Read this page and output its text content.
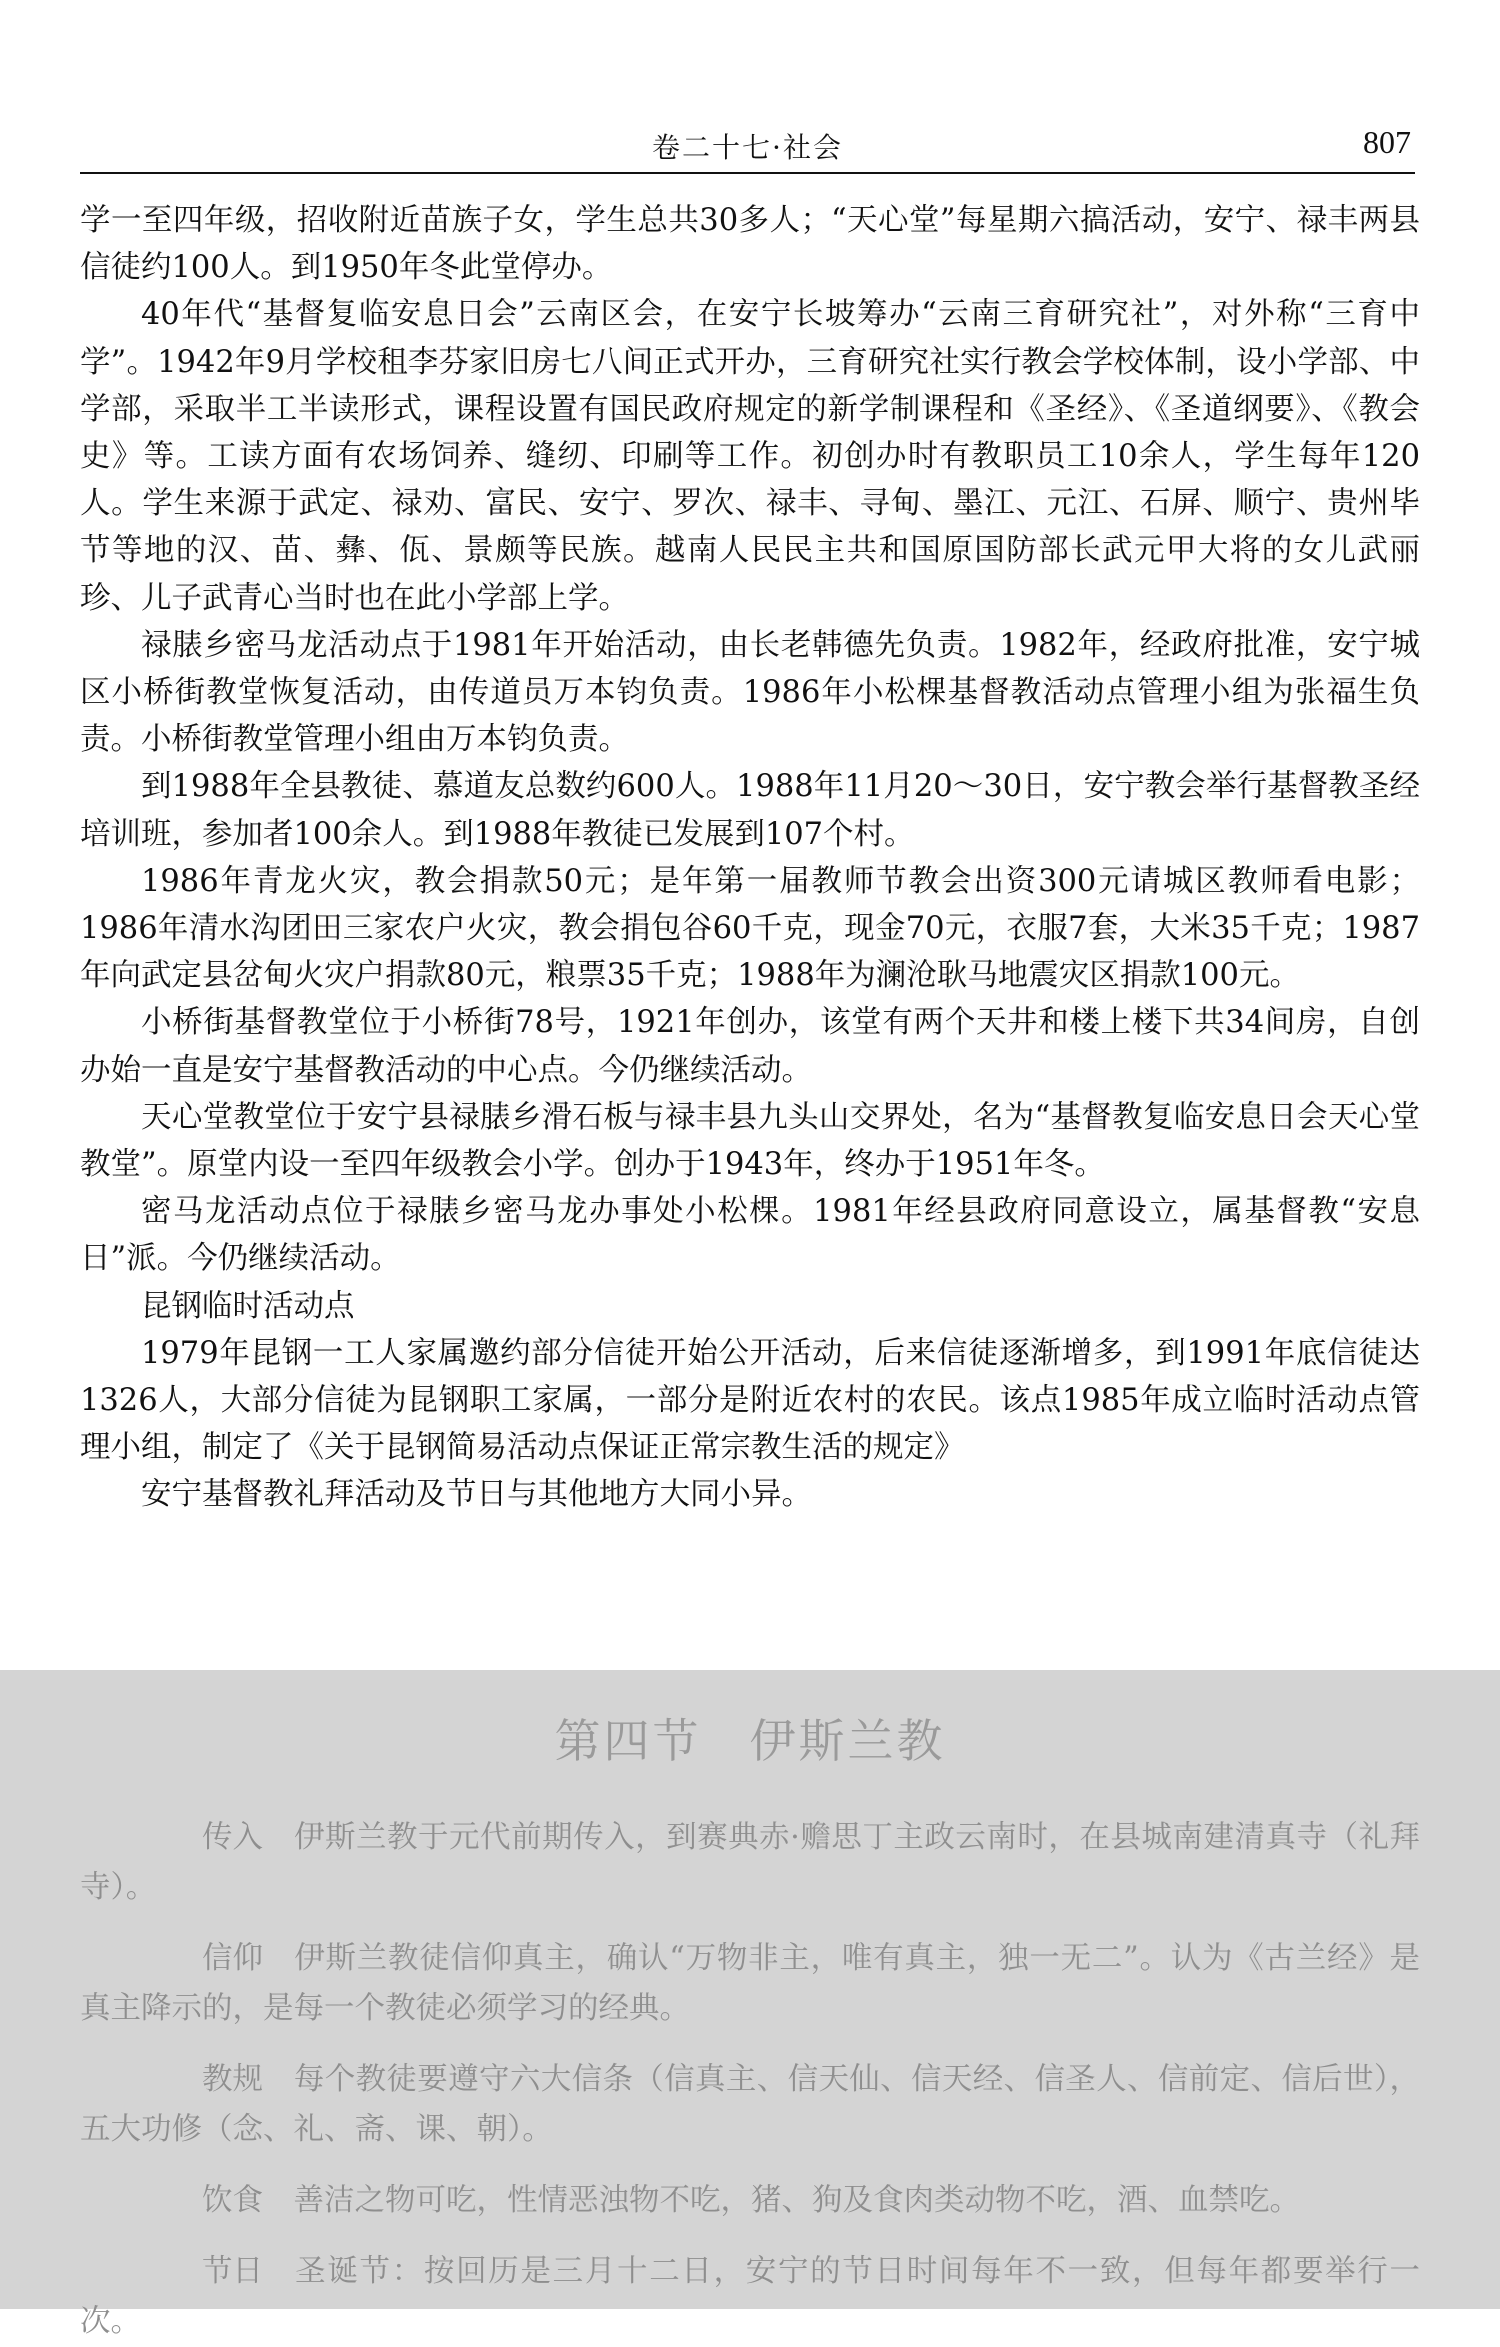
卷二十七·社会	807

学一至四年级，招收附近苗族子女，学生总共30多人；“天心堂”每星期六搞活动，安宁、禄丰两县信徒约100人。到1950年冬此堂停办。

40年代“基督复临安息日会”云南区会，在安宁长坡筹办“云南三育研究社”，对外称“三育中学”。1942年9月学校租李芬家旧房七八间正式开办，三育研究社实行教会学校体制，设小学部、中学部，采取半工半读形式，课程设置有国民政府规定的新学制课程和《圣经》、《圣道纲要》、《教会史》等。工读方面有农场饲养、缝纫、印刷等工作。初创办时有教职员工10余人，学生每年120人。学生来源于武定、禄劝、富民、安宁、罗次、禄丰、寻甸、墨江、元江、石屏、顺宁、贵州毕节等地的汉、苗、彝、佤、景颇等民族。越南人民民主共和国原国防部长武元甲大将的女儿武丽珍、儿子武青心当时也在此小学部上学。

禄脿乡密马龙活动点于1981年开始活动，由长老韩德先负责。1982年，经政府批准，安宁城区小桥街教堂恢复活动，由传道员万本钧负责。1986年小松棵基督教活动点管理小组为张福生负责。小桥街教堂管理小组由万本钧负责。

到1988年全县教徒、慕道友总数约600人。1988年11月20～30日，安宁教会举行基督教圣经培训班，参加者100余人。到1988年教徒已发展到107个村。

1986年青龙火灾，教会捐款50元；是年第一届教师节教会出资300元请城区教师看电影；1986年清水沟团田三家农户火灾，教会捐包谷60千克，现金70元，衣服7套，大米35千克；1987年向武定县岔甸火灾户捐款80元，粮票35千克；1988年为澜沧耿马地震灾区捐款100元。

小桥街基督教堂位于小桥街78号，1921年创办，该堂有两个天井和楼上楼下共34间房，自创办始一直是安宁基督教活动的中心点。今仍继续活动。

天心堂教堂位于安宁县禄脿乡滑石板与禄丰县九头山交界处，名为“基督教复临安息日会天心堂教堂”。原堂内设一至四年级教会小学。创办于1943年，终办于1951年冬。

密马龙活动点位于禄脿乡密马龙办事处小松棵。1981年经县政府同意设立，属基督教“安息日”派。今仍继续活动。

昆钢临时活动点

1979年昆钢一工人家属邀约部分信徒开始公开活动，后来信徒逐渐增多，到1991年底信徒达1326人，大部分信徒为昆钢职工家属，一部分是附近农村的农民。该点1985年成立临时活动点管理小组，制定了《关于昆钢简易活动点保证正常宗教生活的规定》

安宁基督教礼拜活动及节日与其他地方大同小异。

第四节 伊斯兰教

传入 伊斯兰教于元代前期传入，到赛典赤·赡思丁主政云南时，在县城南建清真寺（礼拜寺）。

信仰 伊斯兰教徒信仰真主，确认“万物非主，唯有真主，独一无二”。认为《古兰经》是真主降示的，是每一个教徒必须学习的经典。

教规 每个教徒要遵守六大信条（信真主、信天仙、信天经、信圣人、信前定、信后世），五大功修（念、礼、斋、课、朝）。

饮食 善洁之物可吃，性情恶浊物不吃，猪、狗及食肉类动物不吃，酒、血禁吃。

节日 圣诞节：按回历是三月十二日，安宁的节日时间每年不一致，但每年都要举行一次。
